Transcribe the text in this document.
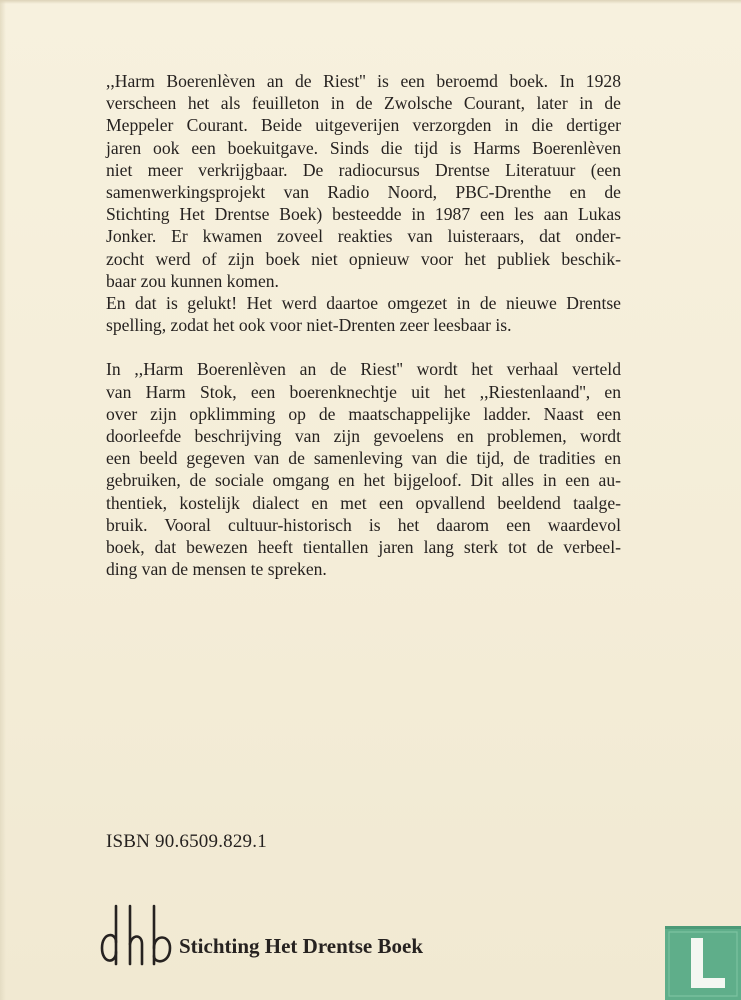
,,Harm Boerenlèven an de Riest'' is een beroemd boek. In 1928
verscheen het als feuilleton in de Zwolsche Courant, later in de
Meppeler Courant. Beide uitgeverijen verzorgden in die dertiger
jaren ook een boekuitgave. Sinds die tijd is Harms Boerenlèven
niet meer verkrijgbaar. De radiocursus Drentse Literatuur (een
samenwerkingsprojekt van Radio Noord, PBC-Drenthe en de
Stichting Het Drentse Boek) besteedde in 1987 een les aan Lukas
Jonker. Er kwamen zoveel reakties van luisteraars, dat onder-
zocht werd of zijn boek niet opnieuw voor het publiek beschik-
baar zou kunnen komen.

En dat is gelukt! Het werd daartoe omgezet in de nieuwe Drentse
spelling, zodat het ook voor niet-Drenten zeer leesbaar is.

In ,,Harm Boerenlèven an de Riest'' wordt het verhaal verteld
van Harm Stok, een boerenknechtje uit het ,,Riestenlaand'', en
over zijn opklimming op de maatschappelijke ladder. Naast een
doorleefde beschrijving van zijn gevoelens en problemen, wordt
een beeld gegeven van de samenleving van die tijd, de tradities en
gebruiken, de sociale omgang en het bijgeloof. Dit alles in een au-
thentiek, kostelijk dialect en met een opvallend beeldend taalge-
bruik. Vooral cultuur-historisch is het daarom een waardevol
boek, dat bewezen heeft tientallen jaren lang sterk tot de verbeel-
ding van de mensen te spreken.

ISBN 90.6509.829.1
Stichting Het Drentse Boek
